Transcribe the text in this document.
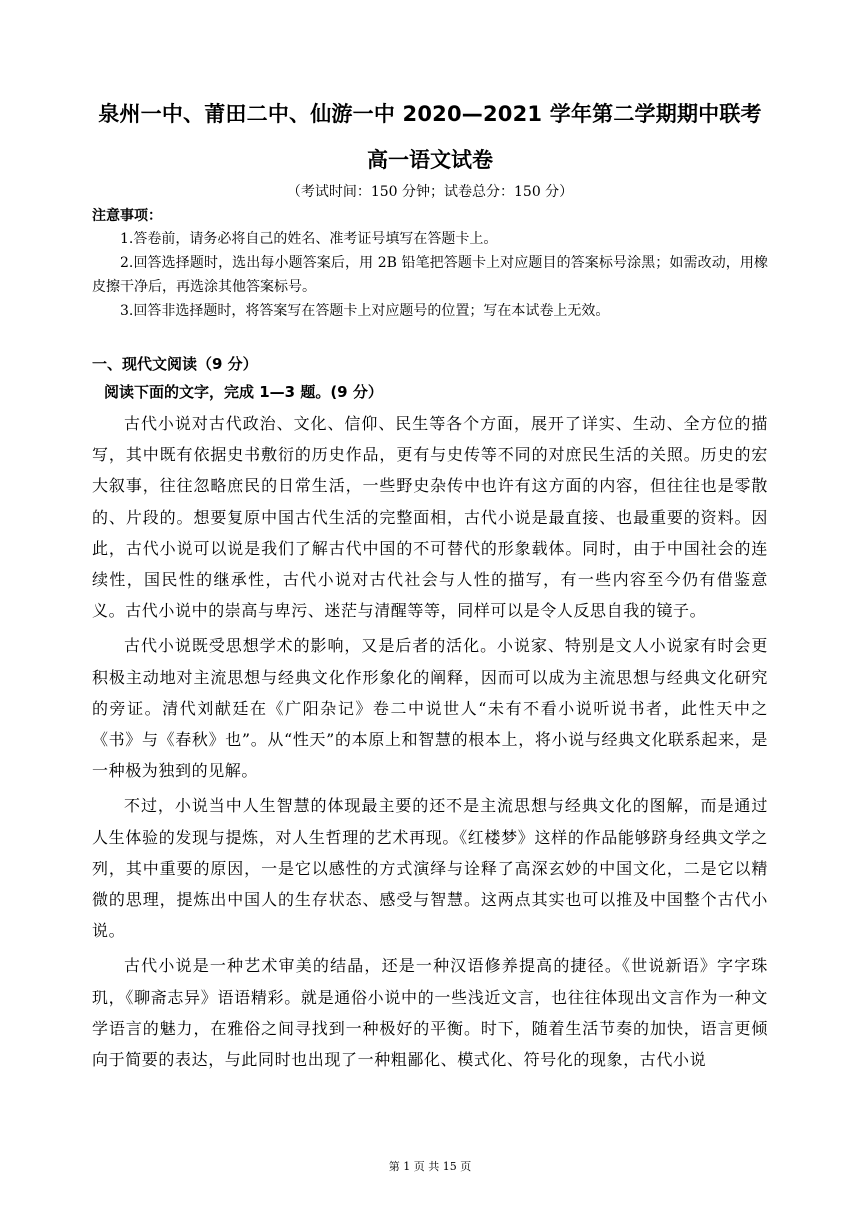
泉州一中、莆田二中、仙游一中 2020—2021 学年第二学期期中联考
高一语文试卷
（考试时间：150 分钟；试卷总分：150 分）
注意事项：

1.答卷前，请务必将自己的姓名、准考证号填写在答题卡上。

2.回答选择题时，选出每小题答案后，用 2B 铅笔把答题卡上对应题目的答案标号涂黑；如需改动，用橡皮擦干净后，再选涂其他答案标号。

3.回答非选择题时，将答案写在答题卡上对应题号的位置；写在本试卷上无效。

一、现代文阅读（9 分）
阅读下面的文字，完成 1—3 题。(9 分）

古代小说对古代政治、文化、信仰、民生等各个方面，展开了详实、生动、全方位的描写，其中既有依据史书敷衍的历史作品，更有与史传等不同的对庶民生活的关照。历史的宏大叙事，往往忽略庶民的日常生活，一些野史杂传中也许有这方面的内容，但往往也是零散的、片段的。想要复原中国古代生活的完整面相，古代小说是最直接、也最重要的资料。因此，古代小说可以说是我们了解古代中国的不可替代的形象载体。同时，由于中国社会的连续性，国民性的继承性，古代小说对古代社会与人性的描写，有一些内容至今仍有借鉴意义。古代小说中的崇高与卑污、迷茫与清醒等等，同样可以是令人反思自我的镜子。

古代小说既受思想学术的影响，又是后者的活化。小说家、特别是文人小说家有时会更积极主动地对主流思想与经典文化作形象化的阐释，因而可以成为主流思想与经典文化研究的旁证。清代刘献廷在《广阳杂记》卷二中说世人“未有不看小说听说书者，此性天中之《书》与《春秋》也”。从“性天”的本原上和智慧的根本上，将小说与经典文化联系起来，是一种极为独到的见解。

不过，小说当中人生智慧的体现最主要的还不是主流思想与经典文化的图解，而是通过人生体验的发现与提炼，对人生哲理的艺术再现。《红楼梦》这样的作品能够跻身经典文学之列，其中重要的原因，一是它以感性的方式演绎与诠释了高深玄妙的中国文化，二是它以精微的思理，提炼出中国人的生存状态、感受与智慧。这两点其实也可以推及中国整个古代小说。

古代小说是一种艺术审美的结晶，还是一种汉语修养提高的捷径。《世说新语》字字珠玑，《聊斋志异》语语精彩。就是通俗小说中的一些浅近文言，也往往体现出文言作为一种文学语言的魅力，在雅俗之间寻找到一种极好的平衡。时下，随着生活节奏的加快，语言更倾向于简要的表达，与此同时也出现了一种粗鄙化、模式化、符号化的现象，古代小说

第 1 页 共 15 页
